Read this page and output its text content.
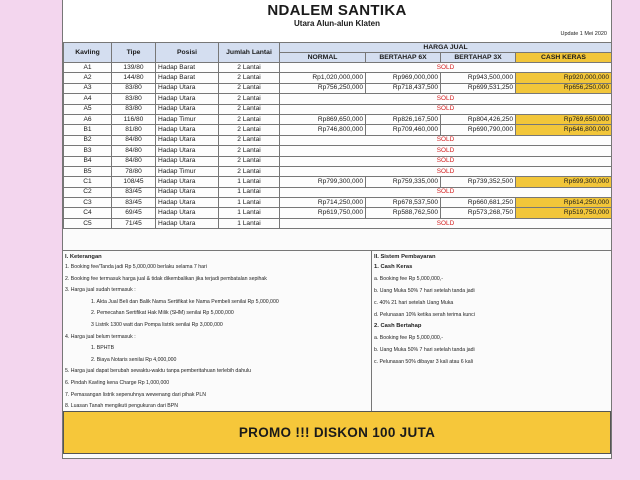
NDALEM SANTIKA
Utara Alun-alun Klaten
Update 1 Mei 2020
Kavling	Tipe	Posisi	Jumlah Lantai	HARGA JUAL			
				NORMAL	BERTAHAP 6X	BERTAHAP 3X	CASH KERAS
A1	139/80	Hadap Barat	2 Lantai	SOLD			
A2	144/80	Hadap Barat	2 Lantai	Rp1,020,000,000	Rp969,000,000	Rp943,500,000	Rp920,000,000
A3	83/80	Hadap Utara	2 Lantai	Rp756,250,000	Rp718,437,500	Rp699,531,250	Rp656,250,000
A4	83/80	Hadap Utara	2 Lantai	SOLD			
A5	83/80	Hadap Utara	2 Lantai	SOLD			
A6	116/80	Hadap Timur	2 Lantai	Rp869,650,000	Rp826,167,500	Rp804,426,250	Rp769,650,000
B1	81/80	Hadap Utara	2 Lantai	Rp746,800,000	Rp709,460,000	Rp690,790,000	Rp646,800,000
B2	84/80	Hadap Utara	2 Lantai	SOLD			
B3	84/80	Hadap Utara	2 Lantai	SOLD			
B4	84/80	Hadap Utara	2 Lantai	SOLD			
B5	78/80	Hadap Timur	2 Lantai	SOLD			
C1	108/45	Hadap Utara	1 Lantai	Rp799,300,000	Rp759,335,000	Rp739,352,500	Rp699,300,000
C2	83/45	Hadap Utara	1 Lantai	SOLD			
C3	83/45	Hadap Utara	1 Lantai	Rp714,250,000	Rp678,537,500	Rp660,681,250	Rp614,250,000
C4	69/45	Hadap Utara	1 Lantai	Rp619,750,000	Rp588,762,500	Rp573,268,750	Rp519,750,000
C5	71/45	Hadap Utara	1 Lantai	SOLD			
I. Keterangan
1. Booking fee/Tanda jadi Rp 5,000,000 berlaku selama 7 hari
2. Booking fee termasuk harga jual & tidak dikembalikan jika terjadi pembatalan sepihak
3. Harga jual sudah termasuk :
1. Akta Jual Beli dan Balik Nama Sertifikat ke Nama Pembeli senilai Rp 5,000,000
2. Pemecahan Sertifikat Hak Milik (SHM) senilai Rp 5,000,000
3 Listrik 1300 watt dan Pompa listrik senilai Rp 3,000,000
4. Harga jual belum termasuk :
1. BPHTB
2. Biaya Notaris senilai Rp 4,000,000
5. Harga jual dapat berubah sewaktu-waktu tanpa pemberitahuan terlebih dahulu
6. Pindah Kavling kena Charge Rp 1,000,000
7. Pemasangan listrik sepenuhnya wewenang dari pihak PLN
8. Luasan Tanah mengikuti pengukuran dari BPN
II. Sistem Pembayaran
1. Cash Keras
a. Booking fee Rp 5,000,000,-
b. Uang Muka 50% 7 hari setelah tanda jadi
c. 40% 21 hari setelah Uang Muka
d. Pelunasan 10% ketika serah terima kunci
2. Cash Bertahap
a. Booking fee Rp 5,000,000,-
b. Uang Muka 50% 7 hari setelah tanda jadi
c. Pelunasan 50% dibayar 3 kali atau 6 kali
PROMO !!! DISKON 100 JUTA
